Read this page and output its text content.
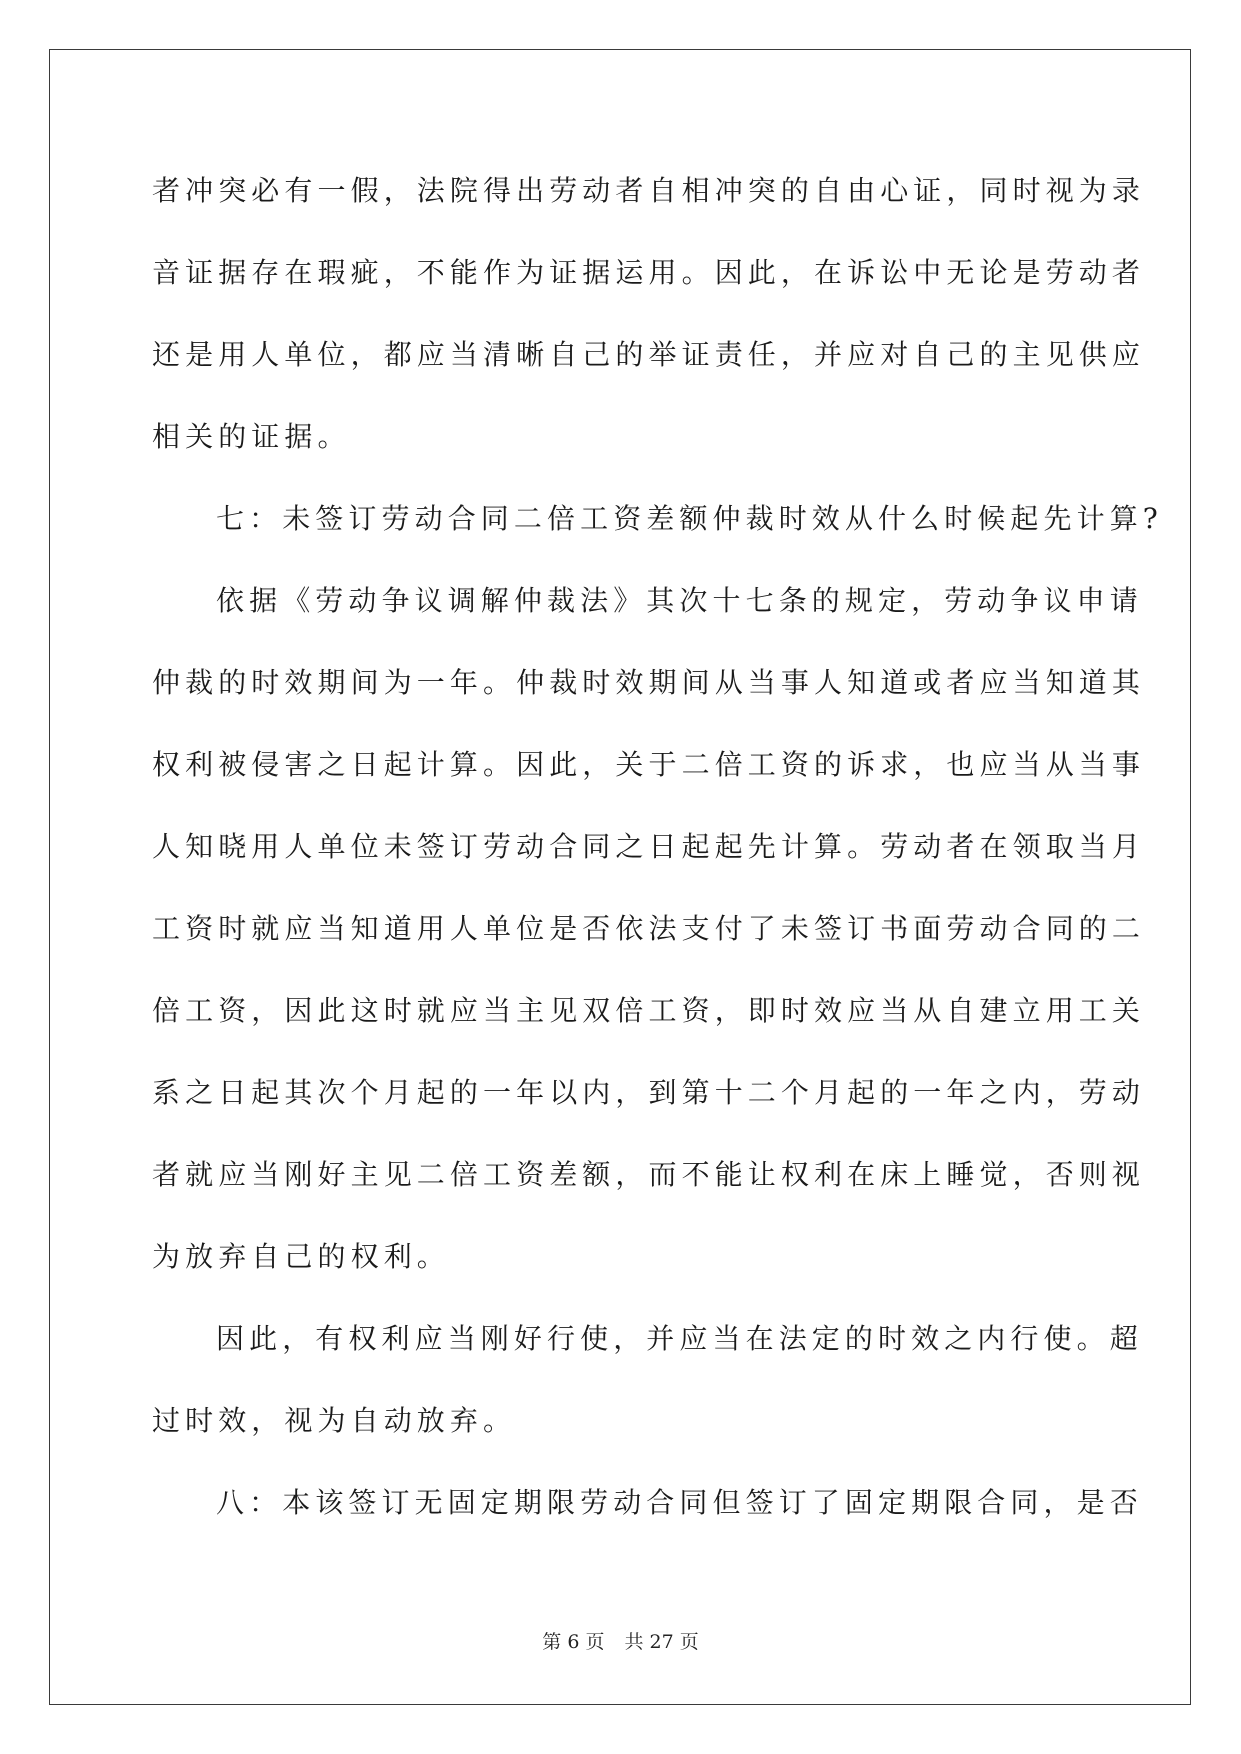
者冲突必有一假，法院得出劳动者自相冲突的自由心证，同时视为录
音证据存在瑕疵，不能作为证据运用。因此，在诉讼中无论是劳动者
还是用人单位，都应当清晰自己的举证责任，并应对自己的主见供应
相关的证据。
七：未签订劳动合同二倍工资差额仲裁时效从什么时候起先计算?
依据《劳动争议调解仲裁法》其次十七条的规定，劳动争议申请
仲裁的时效期间为一年。仲裁时效期间从当事人知道或者应当知道其
权利被侵害之日起计算。因此，关于二倍工资的诉求，也应当从当事
人知晓用人单位未签订劳动合同之日起起先计算。劳动者在领取当月
工资时就应当知道用人单位是否依法支付了未签订书面劳动合同的二
倍工资，因此这时就应当主见双倍工资，即时效应当从自建立用工关
系之日起其次个月起的一年以内，到第十二个月起的一年之内，劳动
者就应当刚好主见二倍工资差额，而不能让权利在床上睡觉，否则视
为放弃自己的权利。
因此，有权利应当刚好行使，并应当在法定的时效之内行使。超
过时效，视为自动放弃。
八：本该签订无固定期限劳动合同但签订了固定期限合同，是否
第 6 页 共 27 页
